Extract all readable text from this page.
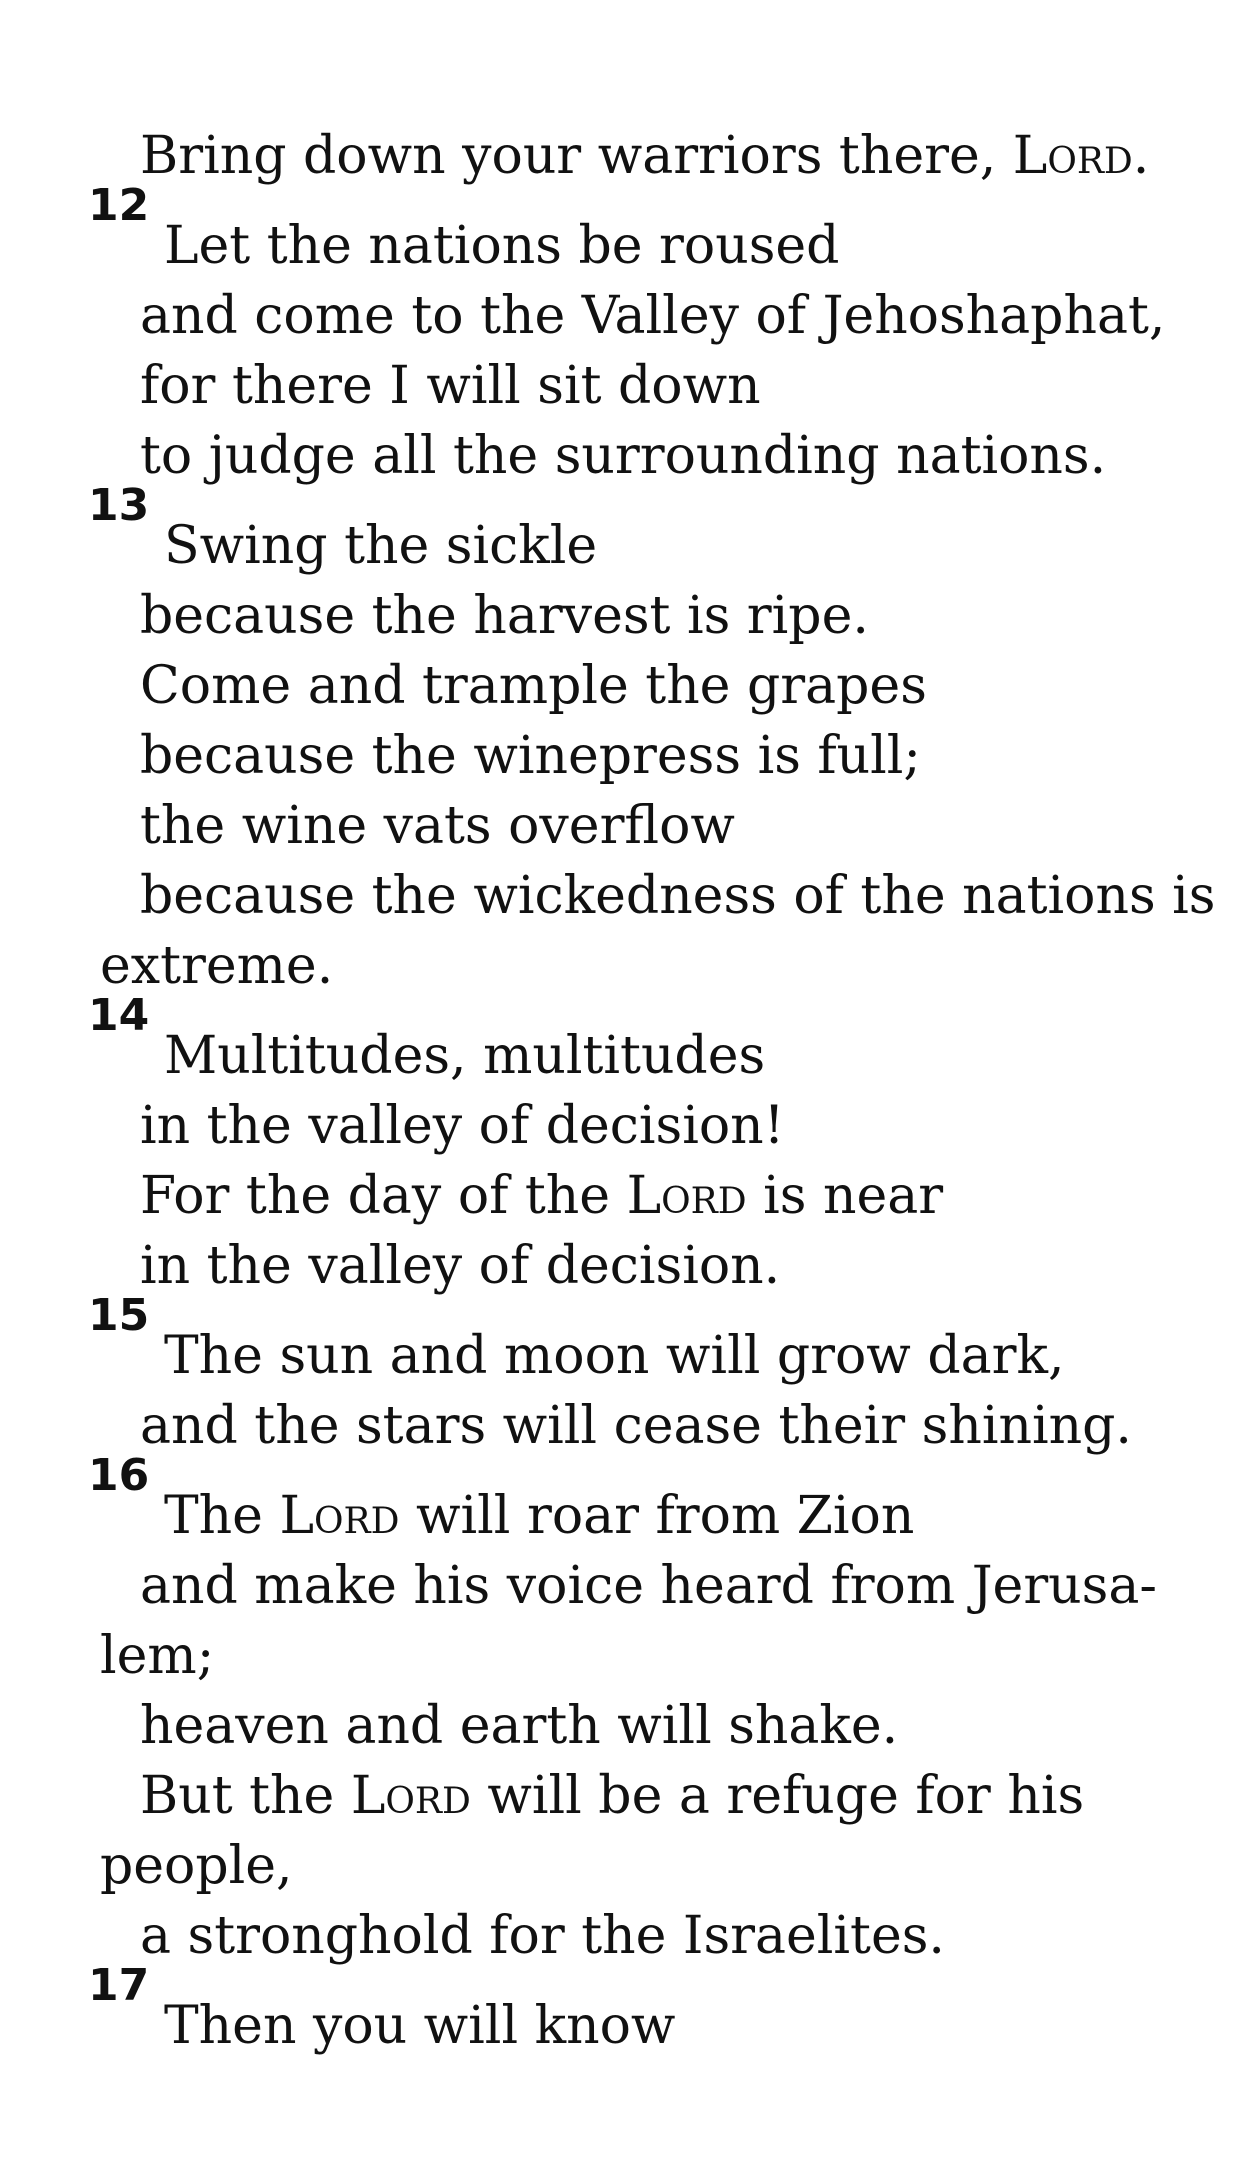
Bring down your warriors there, Lord.
12
Let the nations be roused
and come to the Valley of Jehoshaphat,
for there I will sit down
to judge all the surrounding nations.
13
Swing the sickle
because the harvest is ripe.
Come and trample the grapes
because the winepress is full;
the wine vats overflow
because the wickedness of the nations is
extreme.
14
Multitudes, multitudes
in the valley of decision!
For the day of the Lord is near
in the valley of decision.
15
The sun and moon will grow dark,
and the stars will cease their shining.
16
The Lord will roar from Zion
and make his voice heard from Jerusa-
lem;
heaven and earth will shake.
But the Lord will be a refuge for his
people,
a stronghold for the Israelites.
17
Then you will know
